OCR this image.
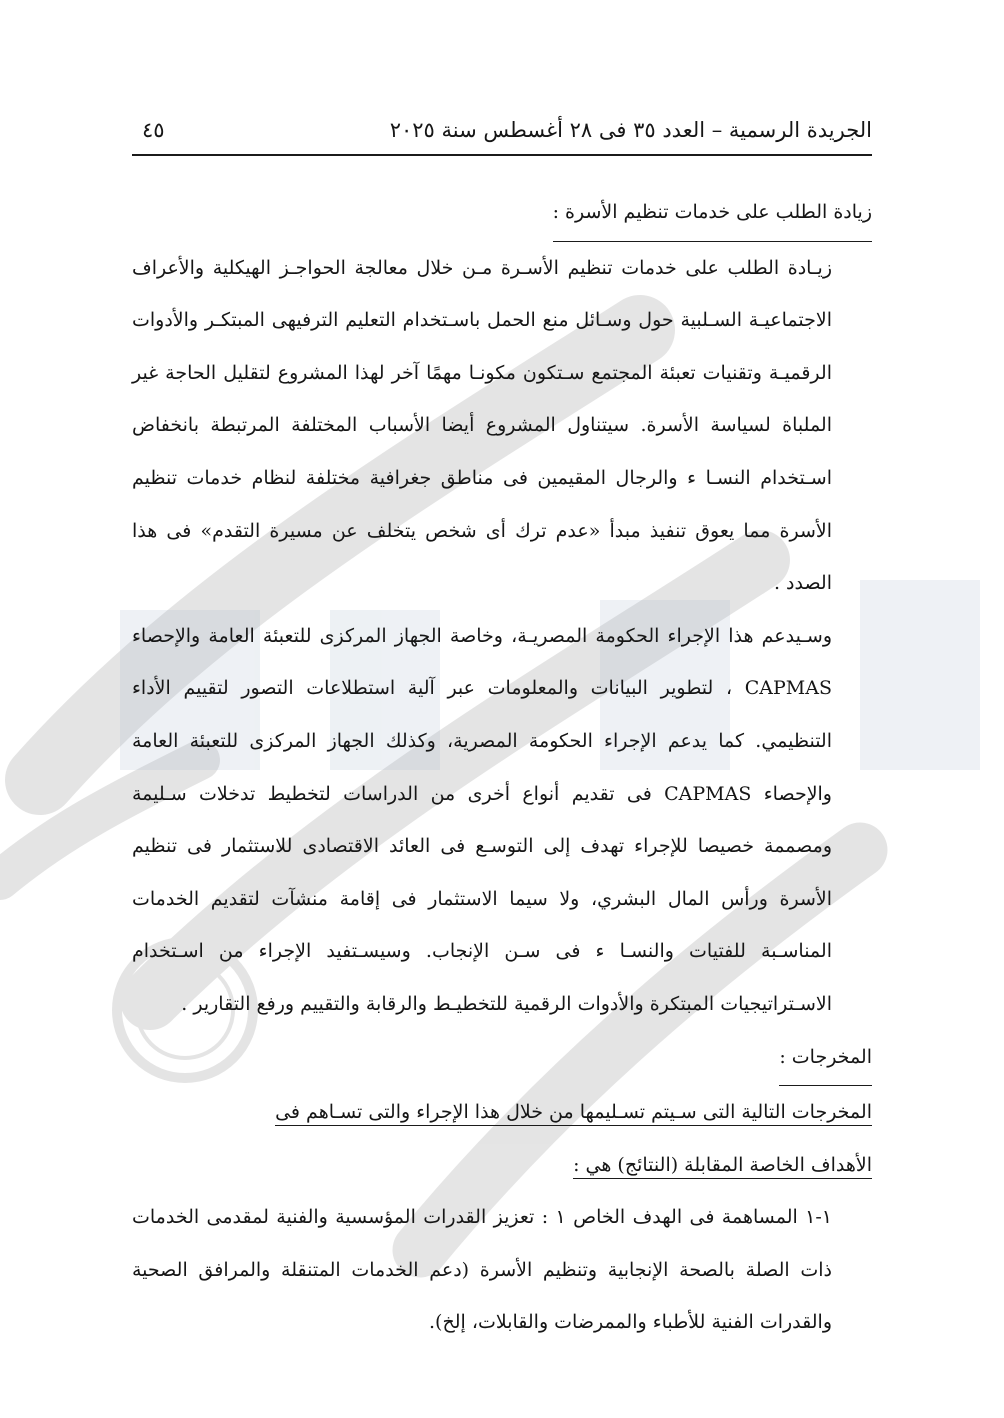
الجريدة الرسمية – العدد ٣٥ فى ٢٨ أغسطس سنة ٢٠٢٥
٤٥

زيادة الطلب على خدمات تنظيم الأسرة :

زيـادة الطلب على خدمات تنظيم الأسـرة مـن خلال معالجة الحواجـز الهيكلية والأعراف الاجتماعيـة السـلبية حول وسـائل منع الحمل باسـتخدام التعليم الترفيهى المبتكـر والأدوات الرقميـة وتقنيات تعبئة المجتمع سـتكون مكونـا مهمًا آخر لهذا المشروع لتقليل الحاجة غير الملباة لسياسة الأسرة. سيتناول المشروع أيضا الأسباب المختلفة المرتبطة بانخفاض اسـتخدام النسـا ء والرجال المقيمين فى مناطق جغرافية مختلفة لنظام خدمات تنظيم الأسرة مما يعوق تنفيذ مبدأ «عدم ترك أى شخص يتخلف عن مسيرة التقدم» فى هذا الصدد .

وسـيدعم هذا الإجراء الحكومة المصريـة، وخاصة الجهاز المركزى للتعبئة العامة والإحصاء CAPMAS ، لتطوير البيانات والمعلومات عبر آلية استطلاعات التصور لتقييم الأداء التنظيمي. كما يدعم الإجراء الحكومة المصرية، وكذلك الجهاز المركزى للتعبئة العامة والإحصاء CAPMAS فى تقديم أنواع أخرى من الدراسات لتخطيط تدخلات سـليمة ومصممة خصيصا للإجراء تهدف إلى التوسـع فى العائد الاقتصادى للاستثمار فى تنظيم الأسرة ورأس المال البشري، ولا سيما الاستثمار فى إقامة منشآت لتقديم الخدمات المناسـبة للفتيات والنسـا ء فى سـن الإنجاب. وسيسـتفيد الإجراء من اسـتخدام الاسـتراتيجيات المبتكرة والأدوات الرقمية للتخطيـط والرقابة والتقييم ورفع التقارير .

المخرجات :

المخرجات التالية التى سـيتم تسـليمها من خلال هذا الإجراء والتى تسـاهم فى

الأهداف الخاصة المقابلة (النتائج) هي :

١-١ المساهمة فى الهدف الخاص ١ : تعزيز القدرات المؤسسية والفنية لمقدمى الخدمات ذات الصلة بالصحة الإنجابية وتنظيم الأسرة (دعم الخدمات المتنقلة والمرافق الصحية والقدرات الفنية للأطباء والممرضات والقابلات، إلخ).
